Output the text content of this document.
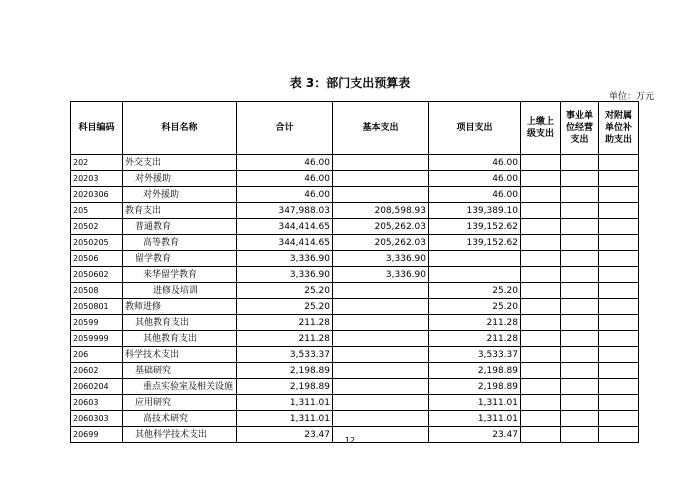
表 3：部门支出预算表
单位：万元
科目编码	科目名称	合计	基本支出	项目支出	上缴上级支出	事业单位经营支出	对附属单位补助支出
202	外交支出	46.00		46.00			
20203	对外援助	46.00		46.00			
2020306	对外援助	46.00		46.00			
205	教育支出	347,988.03	208,598.93	139,389.10			
20502	普通教育	344,414.65	205,262.03	139,152.62			
2050205	高等教育	344,414.65	205,262.03	139,152.62			
20506	留学教育	3,336.90	3,336.90				
2050602	来华留学教育	3,336.90	3,336.90				
20508	进修及培训	25.20		25.20			
2050801	教师进修	25.20		25.20			
20599	其他教育支出	211.28		211.28			
2059999	其他教育支出	211.28		211.28			
206	科学技术支出	3,533.37		3,533.37			
20602	基础研究	2,198.89		2,198.89			
2060204	重点实验室及相关设施	2,198.89		2,198.89			
20603	应用研究	1,311.01		1,311.01			
2060303	高技术研究	1,311.01		1,311.01			
20699	其他科学技术支出	23.47		23.47			
12
